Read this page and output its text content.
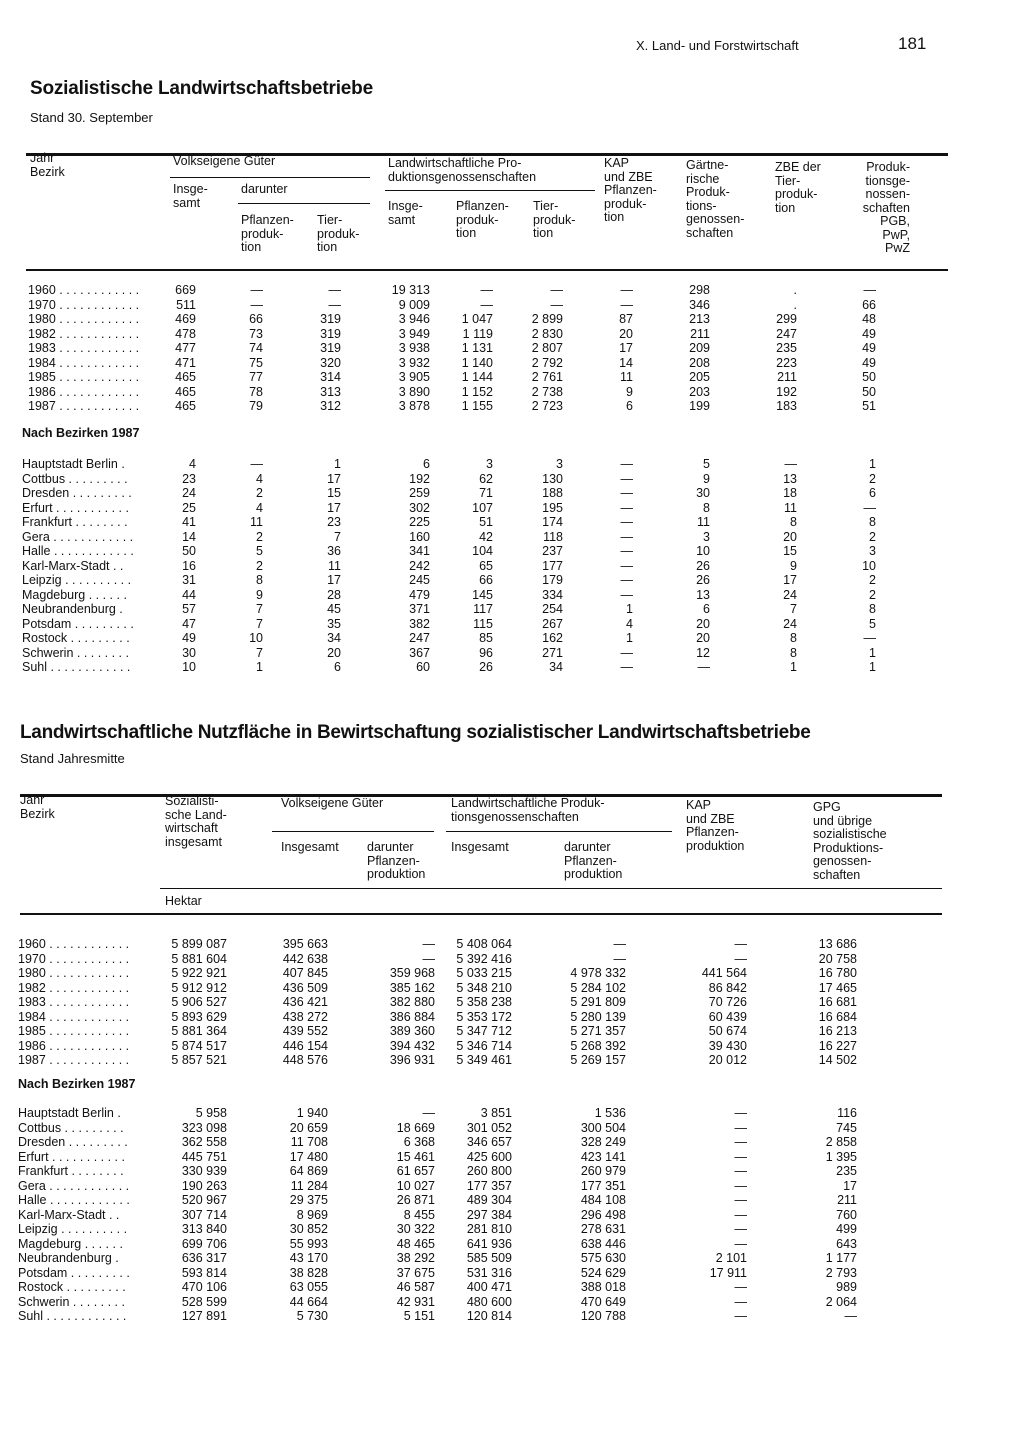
X. Land- und Forstwirtschaft	181
Sozialistische Landwirtschaftsbetriebe
Stand 30. September
Jahr
Bezirk
Volkseigene Güter
Insge-
samt
darunter
Pflanzen-
produk-
tion
Tier-
produk-
tion
Landwirtschaftliche Pro-
duktionsgenossenschaften
Insge-
samt
Pflanzen-
produk-
tion
Tier-
produk-
tion
KAP
und ZBE
Pflanzen-
produk-
tion
Gärtne-
rische
Produk-
tions-
genossen-
schaften
ZBE der
Tier-
produk-
tion
Produk-
tionsge-
nossen-
schaften
PGB,
PwP,
PwZ
1960 . . . . . . . . . . . .	669	—	—	19 313	—	—	—	298	.	—
1970 . . . . . . . . . . . .	511	—	—	9 009	—	—	—	346	.	66
1980 . . . . . . . . . . . .	469	66	319	3 946	1 047	2 899	87	213	299	48
1982 . . . . . . . . . . . .	478	73	319	3 949	1 119	2 830	20	211	247	49
1983 . . . . . . . . . . . .	477	74	319	3 938	1 131	2 807	17	209	235	49
1984 . . . . . . . . . . . .	471	75	320	3 932	1 140	2 792	14	208	223	49
1985 . . . . . . . . . . . .	465	77	314	3 905	1 144	2 761	11	205	211	50
1986 . . . . . . . . . . . .	465	78	313	3 890	1 152	2 738	9	203	192	50
1987 . . . . . . . . . . . .	465	79	312	3 878	1 155	2 723	6	199	183	51
Nach Bezirken 1987
Hauptstadt Berlin .	4	—	1	6	3	3	—	5	—	1
Cottbus . . . . . . . . .	23	4	17	192	62	130	—	9	13	2
Dresden . . . . . . . . .	24	2	15	259	71	188	—	30	18	6
Erfurt . . . . . . . . . . .	25	4	17	302	107	195	—	8	11	—
Frankfurt . . . . . . . .	41	11	23	225	51	174	—	11	8	8
Gera . . . . . . . . . . . .	14	2	7	160	42	118	—	3	20	2
Halle . . . . . . . . . . . .	50	5	36	341	104	237	—	10	15	3
Karl-Marx-Stadt . .	16	2	11	242	65	177	—	26	9	10
Leipzig . . . . . . . . . .	31	8	17	245	66	179	—	26	17	2
Magdeburg . . . . . .	44	9	28	479	145	334	—	13	24	2
Neubrandenburg .	57	7	45	371	117	254	1	6	7	8
Potsdam . . . . . . . . .	47	7	35	382	115	267	4	20	24	5
Rostock . . . . . . . . .	49	10	34	247	85	162	1	20	8	—
Schwerin . . . . . . . .	30	7	20	367	96	271	—	12	8	1
Suhl . . . . . . . . . . . .	10	1	6	60	26	34	—	—	1	1
Landwirtschaftliche Nutzfläche in Bewirtschaftung sozialistischer Landwirtschaftsbetriebe
Stand Jahresmitte
Jahr
Bezirk
Sozialisti-
sche Land-
wirtschaft
insgesamt
Volkseigene Güter
Insgesamt darunter
Pflanzen-
produktion
Landwirtschaftliche Produk-
tionsgenossenschaften
Insgesamt	darunter
Pflanzen-
produktion
KAP
und ZBE
Pflanzen-
produktion
GPG
und übrige
sozialistische
Produktions-
genossen-
schaften
Hektar
1960 . . . . . . . . . . . .	5 899 087	395 663	—	5 408 064	—	—	13 686
1970 . . . . . . . . . . . .	5 881 604	442 638	—	5 392 416	—	—	20 758
1980 . . . . . . . . . . . .	5 922 921	407 845	359 968	5 033 215	4 978 332	441 564	16 780
1982 . . . . . . . . . . . .	5 912 912	436 509	385 162	5 348 210	5 284 102	86 842	17 465
1983 . . . . . . . . . . . .	5 906 527	436 421	382 880	5 358 238	5 291 809	70 726	16 681
1984 . . . . . . . . . . . .	5 893 629	438 272	386 884	5 353 172	5 280 139	60 439	16 684
1985 . . . . . . . . . . . .	5 881 364	439 552	389 360	5 347 712	5 271 357	50 674	16 213
1986 . . . . . . . . . . . .	5 874 517	446 154	394 432	5 346 714	5 268 392	39 430	16 227
1987 . . . . . . . . . . . .	5 857 521	448 576	396 931	5 349 461	5 269 157	20 012	14 502
Nach Bezirken 1987
Hauptstadt Berlin .	5 958	1 940	—	3 851	1 536	—	116
Cottbus . . . . . . . . .	323 098	20 659	18 669	301 052	300 504	—	745
Dresden . . . . . . . . .	362 558	11 708	6 368	346 657	328 249	—	2 858
Erfurt . . . . . . . . . . .	445 751	17 480	15 461	425 600	423 141	—	1 395
Frankfurt . . . . . . . .	330 939	64 869	61 657	260 800	260 979	—	235
Gera . . . . . . . . . . . .	190 263	11 284	10 027	177 357	177 351	—	17
Halle . . . . . . . . . . . .	520 967	29 375	26 871	489 304	484 108	—	211
Karl-Marx-Stadt . .	307 714	8 969	8 455	297 384	296 498	—	760
Leipzig . . . . . . . . . .	313 840	30 852	30 322	281 810	278 631	—	499
Magdeburg . . . . . .	699 706	55 993	48 465	641 936	638 446	—	643
Neubrandenburg .	636 317	43 170	38 292	585 509	575 630	2 101	1 177
Potsdam . . . . . . . . .	593 814	38 828	37 675	531 316	524 629	17 911	2 793
Rostock . . . . . . . . .	470 106	63 055	46 587	400 471	388 018	—	989
Schwerin . . . . . . . .	528 599	44 664	42 931	480 600	470 649	—	2 064
Suhl . . . . . . . . . . . .	127 891	5 730	5 151	120 814	120 788	—	—
